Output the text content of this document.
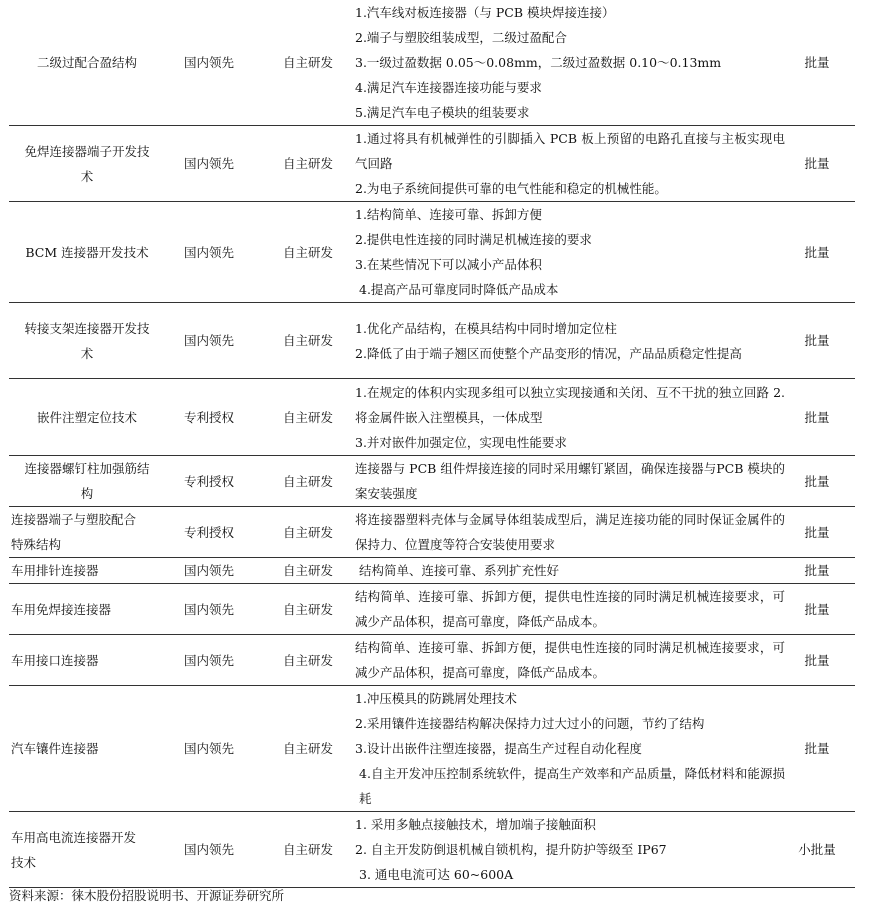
二级过配合盈结构	国内领先	自主研发	1.汽车线对板连接器（与 PCB 模块焊接连接）
2.端子与塑胶组装成型，二级过盈配合
3.一级过盈数据 0.05～0.08mm，二级过盈数据 0.10～0.13mm
4.满足汽车连接器连接功能与要求
5.满足汽车电子模块的组装要求	批量
免焊连接器端子开发技术	国内领先	自主研发	1.通过将具有机械弹性的引脚插入 PCB 板上预留的电路孔直接与主板实现电气回路
2.为电子系统间提供可靠的电气性能和稳定的机械性能。	批量
BCM 连接器开发技术	国内领先	自主研发	1.结构简单、连接可靠、拆卸方便
2.提供电性连接的同时满足机械连接的要求
3.在某些情况下可以减小产品体积
4.提高产品可靠度同时降低产品成本	批量
转接支架连接器开发技术	国内领先	自主研发	1.优化产品结构，在模具结构中同时增加定位柱
2.降低了由于端子翘区而使整个产品变形的情况，产品品质稳定性提高	批量
嵌件注塑定位技术	专利授权	自主研发	1.在规定的体积内实现多组可以独立实现接通和关闭、互不干扰的独立回路 2.将金属件嵌入注塑模具，一体成型
3.并对嵌件加强定位，实现电性能要求	批量
连接器螺钉柱加强筋结构	专利授权	自主研发	连接器与 PCB 组件焊接连接的同时采用螺钉紧固，确保连接器与PCB 模块的案安装强度	批量
连接器端子与塑胶配合特殊结构	专利授权	自主研发	将连接器塑料壳体与金属导体组装成型后，满足连接功能的同时保证金属件的保持力、位置度等符合安装使用要求	批量
车用排针连接器	国内领先	自主研发	结构简单、连接可靠、系列扩充性好	批量
车用免焊接连接器	国内领先	自主研发	结构简单、连接可靠、拆卸方便，提供电性连接的同时满足机械连接要求，可减少产品体积，提高可靠度，降低产品成本。	批量
车用接口连接器	国内领先	自主研发	结构简单、连接可靠、拆卸方便，提供电性连接的同时满足机械连接要求，可减少产品体积，提高可靠度，降低产品成本。	批量
汽车镶件连接器	国内领先	自主研发	1.冲压模具的防跳屑处理技术
2.采用镶件连接器结构解决保持力过大过小的问题，节约了结构
3.设计出嵌件注塑连接器，提高生产过程自动化程度
4.自主开发冲压控制系统软件，提高生产效率和产品质量，降低材料和能源损耗	批量
车用高电流连接器开发技术	国内领先	自主研发	1. 采用多触点接触技术，增加端子接触面积
2. 自主开发防倒退机械自锁机构，提升防护等级至 IP67
3. 通电电流可达 60~600A	小批量
资料来源：徕木股份招股说明书、开源证券研究所
